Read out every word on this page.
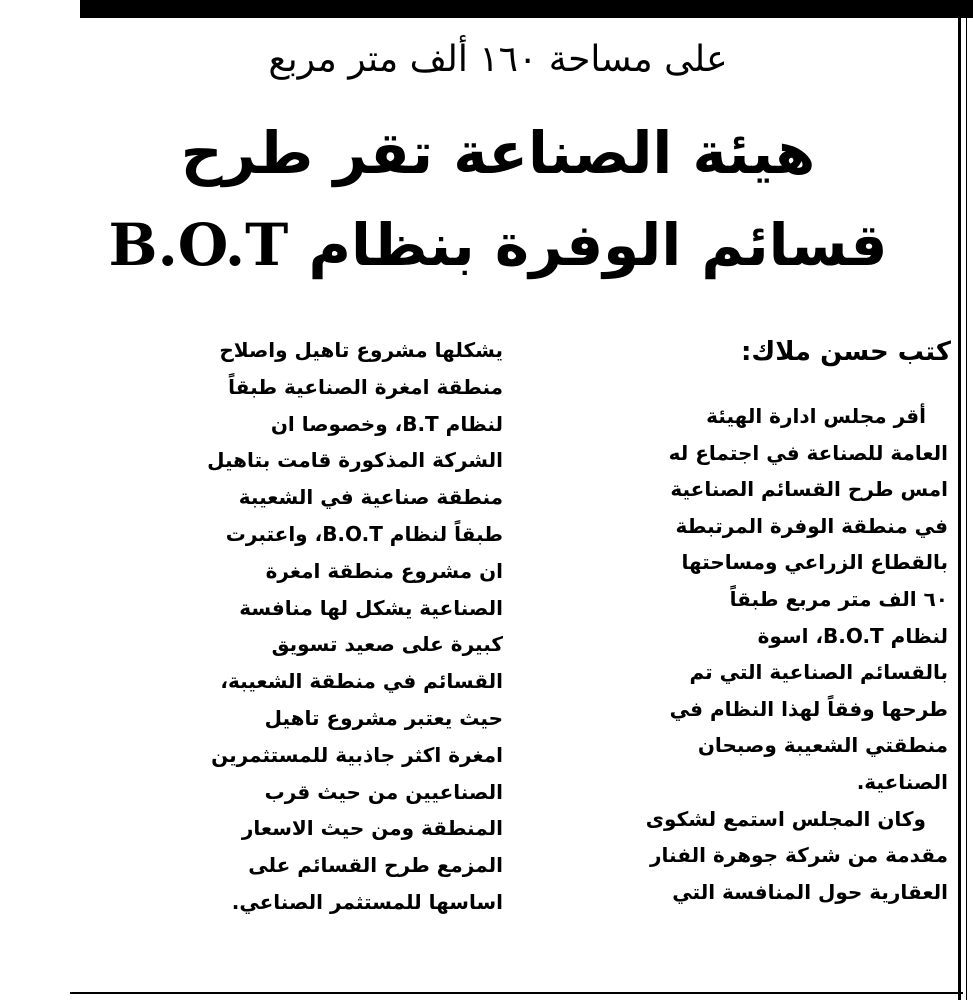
على مساحة ١٦٠ ألف متر مربع
هيئة الصناعة تقر طرح
قسائم الوفرة بنظام B.O.T
كتب حسن ملاك:

أقر مجلس ادارة الهيئة

العامة للصناعة في اجتماع له

امس طرح القسائم الصناعية

في منطقة الوفرة المرتبطة

بالقطاع الزراعي ومساحتها

٦٠ الف متر مربع طبقاً

لنظام B.O.T، اسوة

بالقسائم الصناعية التي تم

طرحها وفقاً لهذا النظام في

منطقتي الشعيبة وصبحان

الصناعية.

وكان المجلس استمع لشكوى

مقدمة من شركة جوهرة الفنار

العقارية حول المنافسة التي

يشكلها مشروع تاهيل واصلاح

منطقة امغرة الصناعية طبقاً

لنظام B.T، وخصوصا ان

الشركة المذكورة قامت بتاهيل

منطقة صناعية في الشعيبة

طبقاً لنظام B.O.T، واعتبرت

ان مشروع منطقة امغرة

الصناعية يشكل لها منافسة

كبيرة على صعيد تسويق

القسائم في منطقة الشعيبة،

حيث يعتبر مشروع تاهيل

امغرة اكثر جاذبية للمستثمرين

الصناعيين من حيث قرب

المنطقة ومن حيث الاسعار

المزمع طرح القسائم على

اساسها للمستثمر الصناعي.
